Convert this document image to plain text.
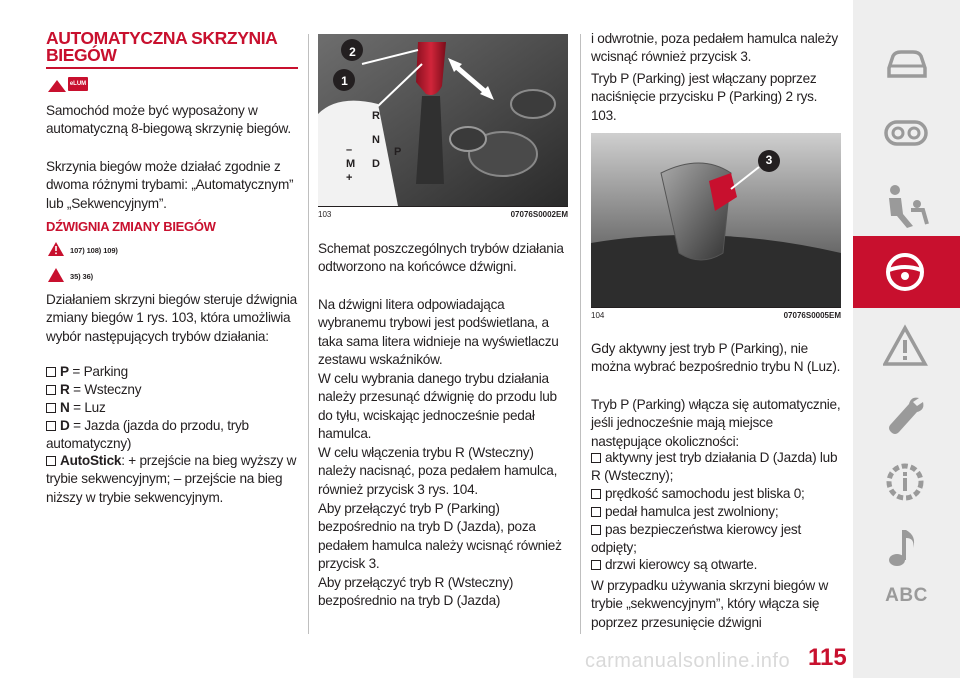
AUTOMATYCZNA SKRZYNIA BIEGÓW
eLUM
Samochód może być wyposażony w automatyczną 8-biegową skrzynię biegów.
Skrzynia biegów może działać zgodnie z dwoma różnymi trybami: „Automatycznym” lub „Sekwencyjnym”.
DŹWIGNIA ZMIANY BIEGÓW
107) 108) 109)
35) 36)
Działaniem skrzyni biegów steruje dźwignia zmiany biegów 1 rys. 103, która umożliwia wybór następujących trybów działania:
P = Parking
R = Wsteczny
N = Luz
D = Jazda (jazda do przodu, tryb automatyczny)
AutoStick: + przejście na bieg wyższy w trybie sekwencyjnym; – przejście na bieg niższy w trybie sekwencyjnym.
2
1
R
N
D
P
M
–
+
103	07076S0002EM
Schemat poszczególnych trybów działania odtworzono na końcówce dźwigni.
Na dźwigni litera odpowiadająca wybranemu trybowi jest podświetlana, a taka sama litera widnieje na wyświetlaczu zestawu wskaźników.
W celu wybrania danego trybu działania należy przesunąć dźwignię do przodu lub do tyłu, wciskając jednocześnie pedał hamulca.
W celu włączenia trybu R (Wsteczny) należy nacisnąć, poza pedałem hamulca, również przycisk 3 rys. 104.
Aby przełączyć tryb P (Parking) bezpośrednio na tryb D (Jazda), poza pedałem hamulca należy wcisnąć również przycisk 3.
Aby przełączyć tryb R (Wsteczny) bezpośrednio na tryb D (Jazda)
i odwrotnie, poza pedałem hamulca należy wcisnąć również przycisk 3.
Tryb P (Parking) jest włączany poprzez naciśnięcie przycisku P (Parking) 2 rys. 103.
3
104	07076S0005EM
Gdy aktywny jest tryb P (Parking), nie można wybrać bezpośrednio trybu N (Luz).
Tryb P (Parking) włącza się automatycznie, jeśli jednocześnie mają miejsce następujące okoliczności:
aktywny jest tryb działania D (Jazda) lub R (Wsteczny);
prędkość samochodu jest bliska 0;
pedał hamulca jest zwolniony;
pas bezpieczeństwa kierowcy jest odpięty;
drzwi kierowcy są otwarte.
W przypadku używania skrzyni biegów w trybie „sekwencyjnym”, który włącza się poprzez przesunięcie dźwigni
ABC
115
carmanualsonline.info
